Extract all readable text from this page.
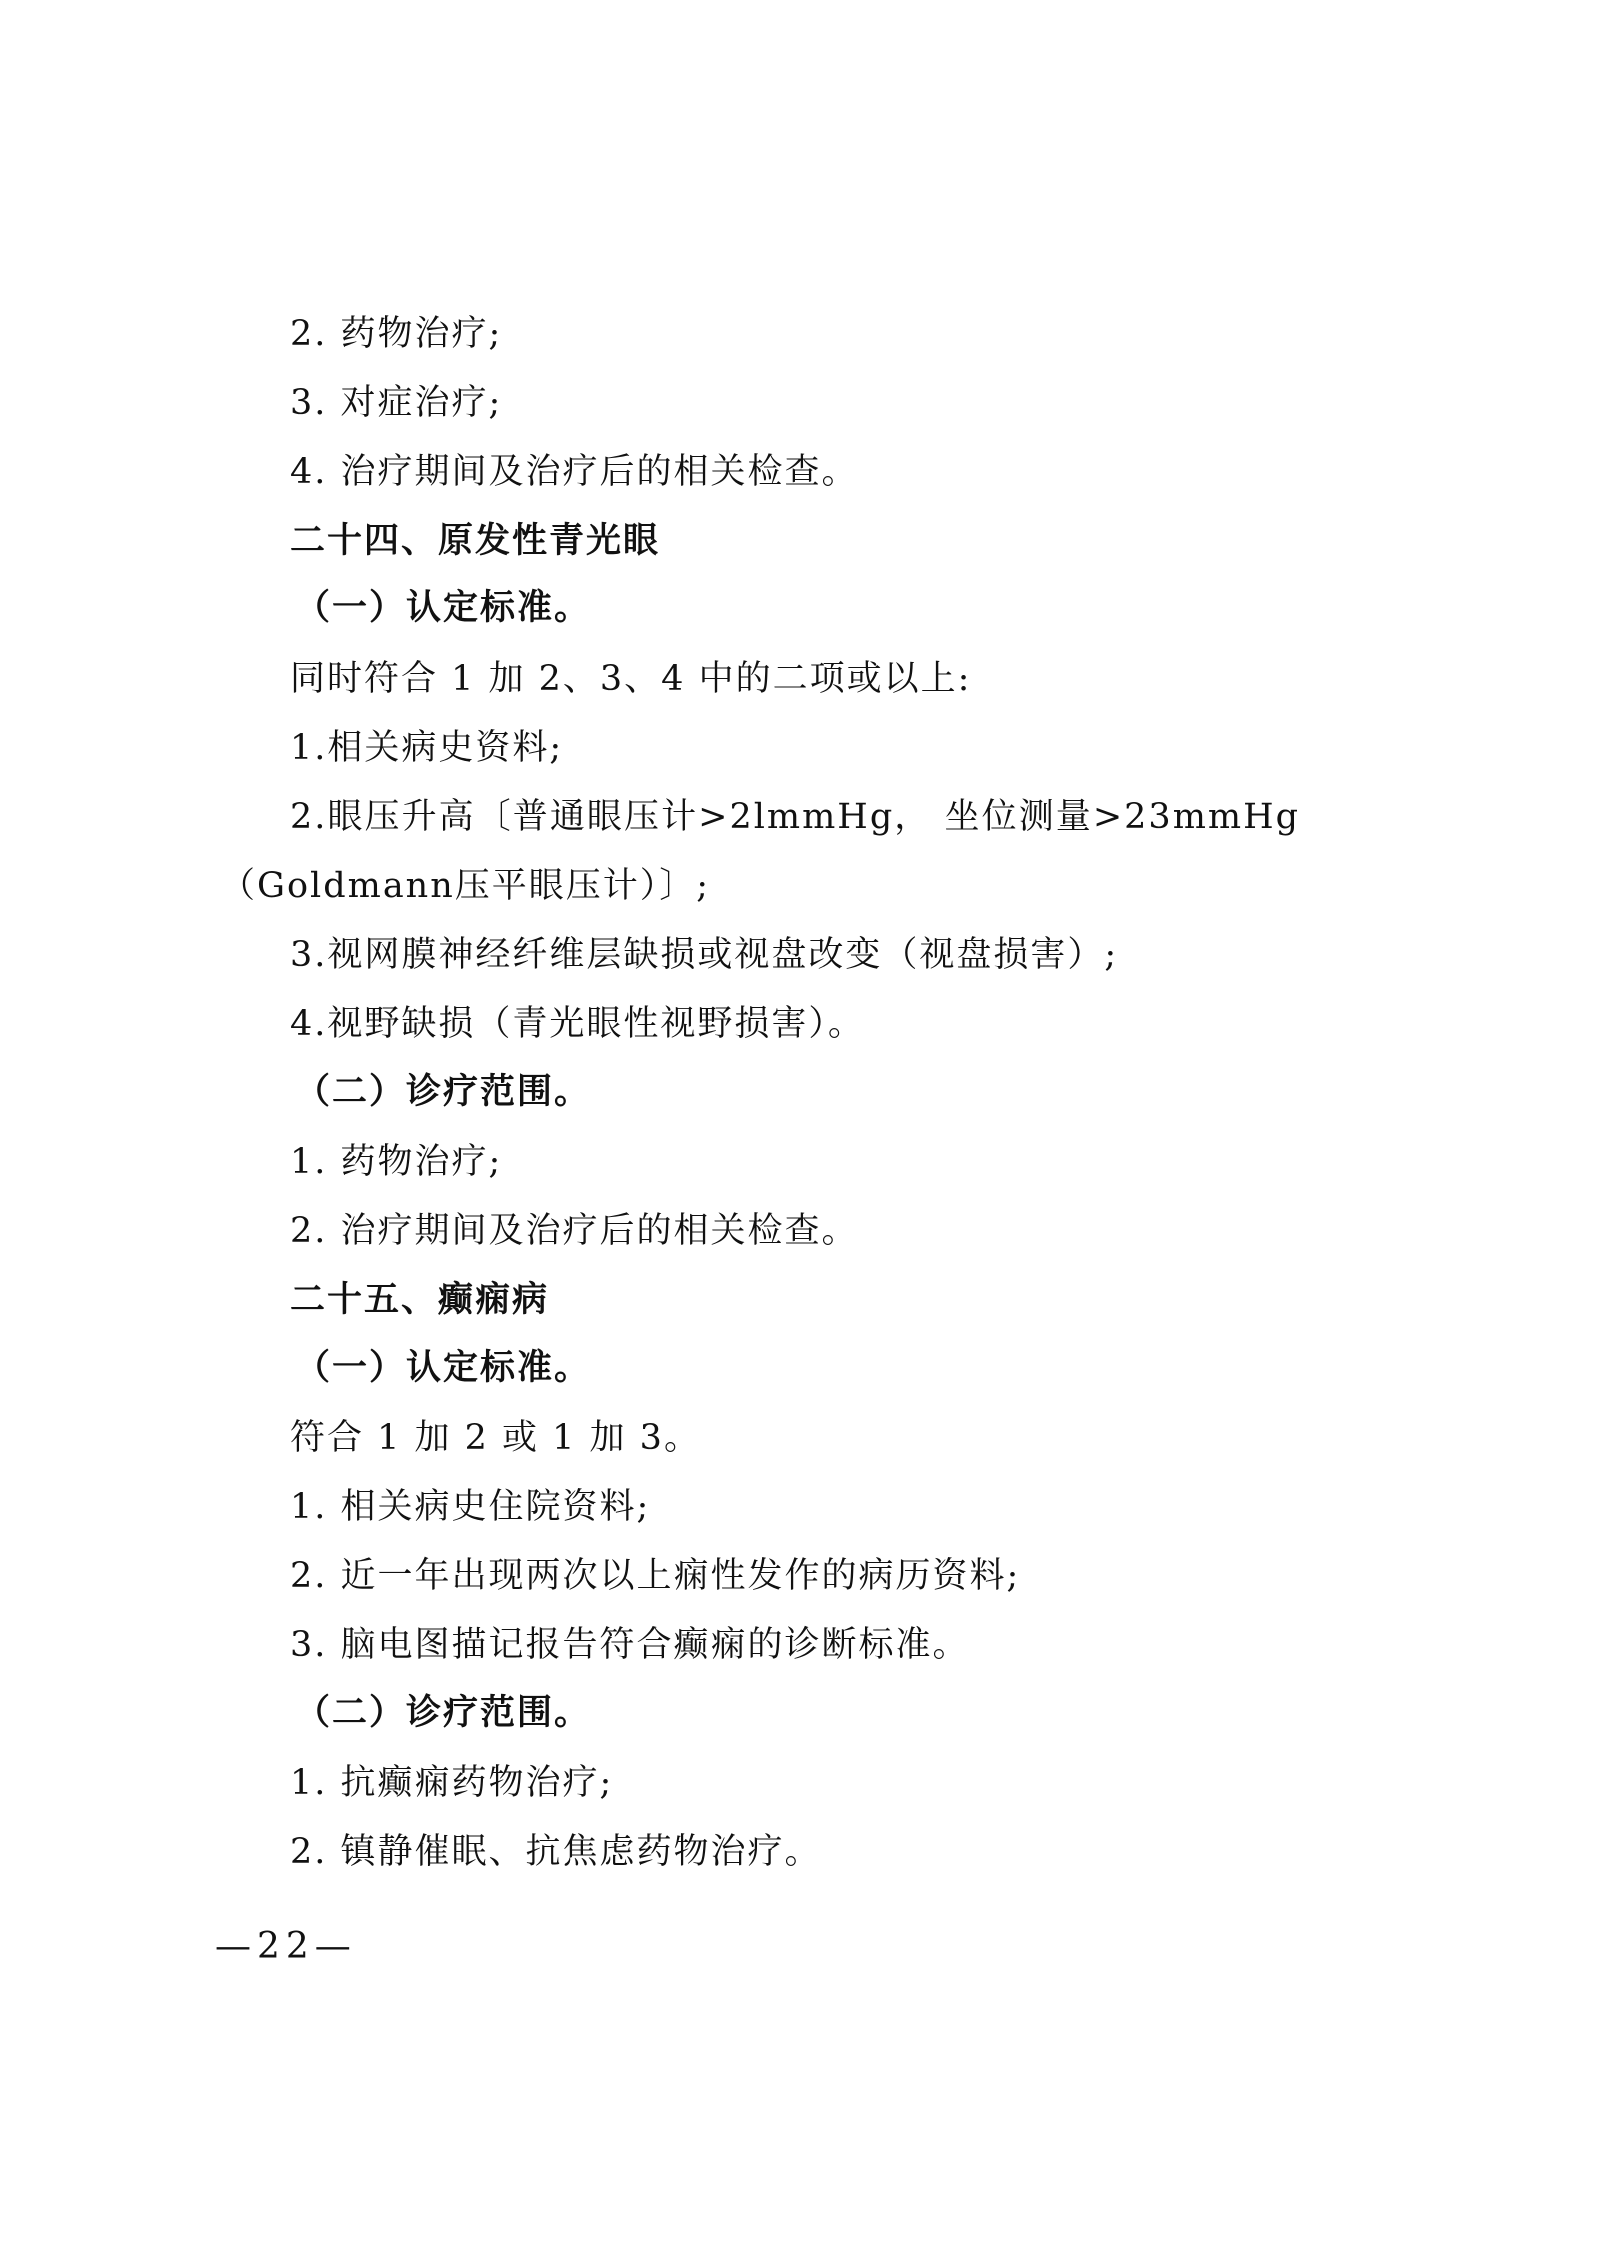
2. 药物治疗;
3. 对症治疗;
4. 治疗期间及治疗后的相关检查。
二十四、原发性青光眼
（一）认定标准。
同时符合 1 加 2、3、4 中的二项或以上:
1.相关病史资料;
2.眼压升高〔普通眼压计>2lmmHg， 坐位测量>23mmHg
（Goldmann压平眼压计）〕;
3.视网膜神经纤维层缺损或视盘改变（视盘损害）;
4.视野缺损（青光眼性视野损害）。
（二）诊疗范围。
1. 药物治疗;
2. 治疗期间及治疗后的相关检查。
二十五、癫痫病
（一）认定标准。
符合 1 加 2 或 1 加 3。
1. 相关病史住院资料;
2. 近一年出现两次以上痫性发作的病历资料;
3. 脑电图描记报告符合癫痫的诊断标准。
（二）诊疗范围。
1. 抗癫痫药物治疗;
2. 镇静催眠、抗焦虑药物治疗。
—22—
